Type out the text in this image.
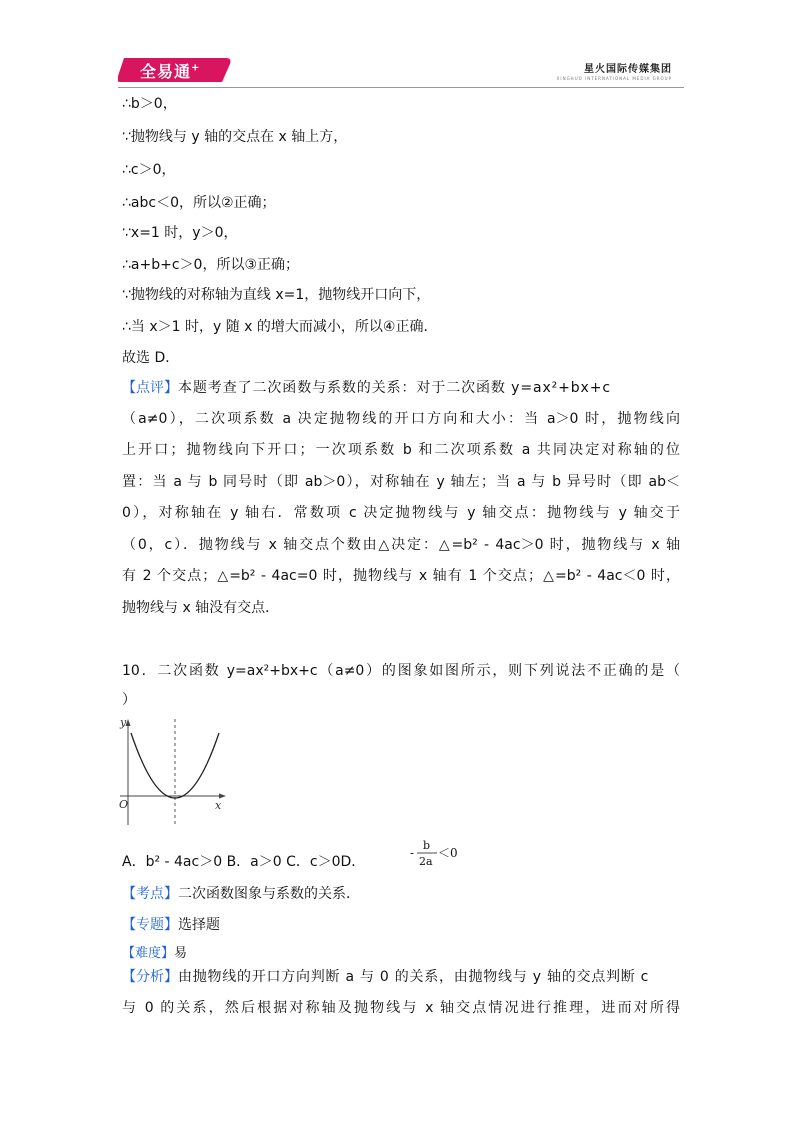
全易通+	星火国际传媒集团
XINGHUO INTERNATIONAL MEDIA GROUP
∴b＞0，
∵抛物线与 y 轴的交点在 x 轴上方，
∴c＞0，
∴abc＜0，所以②正确；
∵x=1 时，y＞0，
∴a+b+c＞0，所以③正确；
∵抛物线的对称轴为直线 x=1，抛物线开口向下，
∴当 x＞1 时，y 随 x 的增大而减小，所以④正确．
故选 D．
【点评】本题考查了二次函数与系数的关系：对于二次函数 y=ax²+bx+c
（a≠0），二次项系数 a 决定抛物线的开口方向和大小：当 a＞0 时，抛物线向
上开口；抛物线向下开口；一次项系数 b 和二次项系数 a 共同决定对称轴的位
置：当 a 与 b 同号时（即 ab＞0），对称轴在 y 轴左；当 a 与 b 异号时（即 ab＜
0），对称轴在 y 轴右．常数项 c 决定抛物线与 y 轴交点：抛物线与 y 轴交于
（0，c）．抛物线与 x 轴交点个数由△决定：△=b² - 4ac＞0 时，抛物线与 x 轴
有 2 个交点；△=b² - 4ac=0 时，抛物线与 x 轴有 1 个交点；△=b² - 4ac＜0 时，
抛物线与 x 轴没有交点．
10．二次函数 y=ax²+bx+c（a≠0）的图象如图所示，则下列说法不正确的是（
）
A．b² - 4ac＞0 B．a＞0 C．c＞0D．
【考点】二次函数图象与系数的关系．
【专题】选择题
【难度】易
【分析】由抛物线的开口方向判断 a 与 0 的关系，由抛物线与 y 轴的交点判断 c
与 0 的关系，然后根据对称轴及抛物线与 x 轴交点情况进行推理，进而对所得
y
x
O
-
b
2a
＜0
